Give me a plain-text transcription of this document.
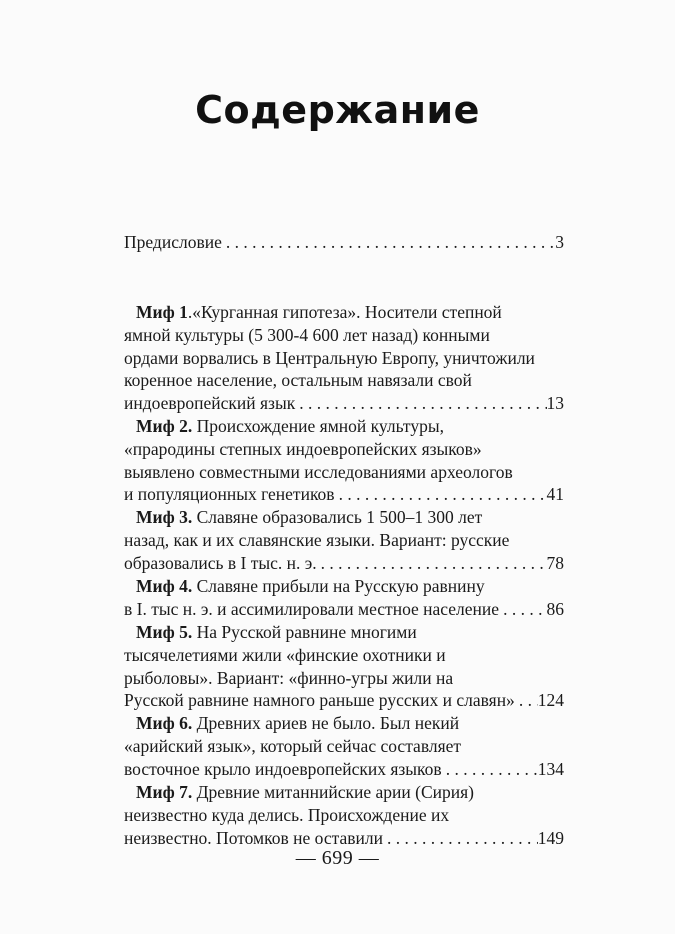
Содержание
Предисловие . . .	3
Миф 1.«Курганная гипотеза». Носители степной
ямной культуры (5 300-4 600 лет назад) конными
ордами ворвались в Центральную Европу, уничтожили
коренное население, остальным навязали свой
индоевропейский язык . . .	13
Миф 2. Происхождение ямной культуры,
«прародины степных индоевропейских языков»
выявлено совместными исследованиями археологов
и популяционных генетиков . . .	41
Миф 3. Славяне образовались 1 500–1 300 лет
назад, как и их славянские языки. Вариант: русские
образовались в I тыс. н. э. . . .	78
Миф 4. Славяне прибыли на Русскую равнину
в I. тыс н. э. и ассимилировали местное население . . .	86
Миф 5. На Русской равнине многими
тысячелетиями жили «финские охотники и
рыболовы». Вариант: «финно-угры жили на
Русской равнине намного раньше русских и славян» . . . 124
Миф 6. Древних ариев не было. Был некий
«арийский язык», который сейчас составляет
восточное крыло индоевропейских языков . . .	134
Миф 7. Древние митаннийские арии (Сирия)
неизвестно куда делись. Происхождение их
неизвестно. Потомков не оставили . . .	149
— 699 —
